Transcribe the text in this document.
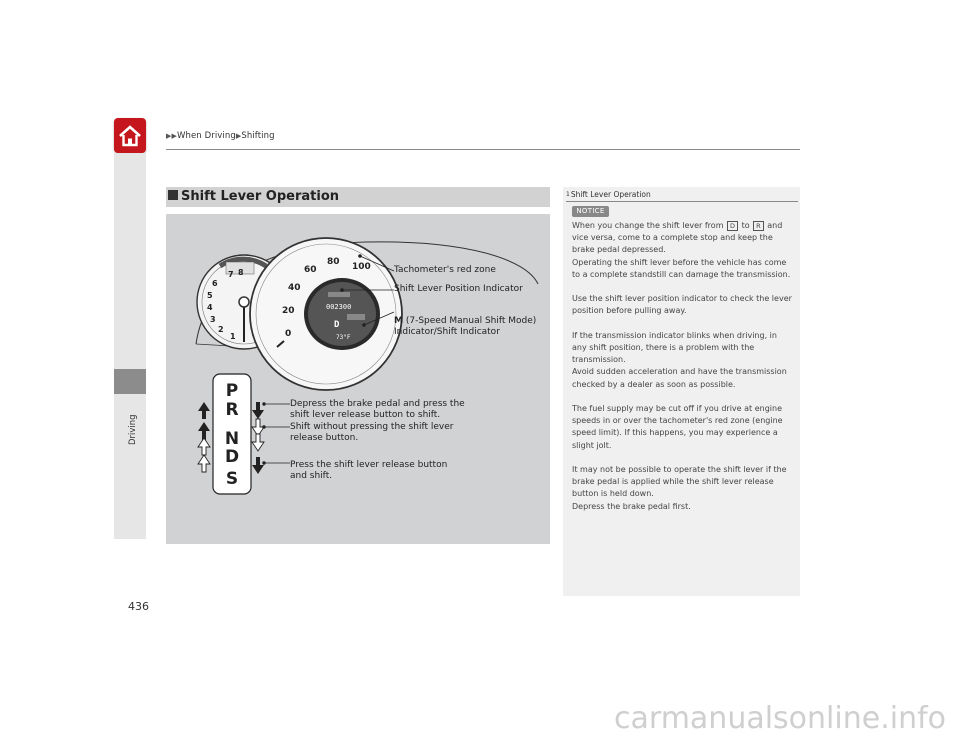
▶▶When Driving▶Shifting
Driving
436
Shift Lever Operation
8
7
6
5
4
3
2
1
100
80
60
40
20
0
002300
D
73°F
P
R
N
D
S
Tachometer's red zone
Shift Lever Position Indicator
M (7-Speed Manual Shift Mode)
Indicator/Shift Indicator
Depress the brake pedal and press the
shift lever release button to shift.
Shift without pressing the shift lever
release button.
Press the shift lever release button
and shift.
1Shift Lever Operation
NOTICE

When you change the shift lever from D to R and vice versa, come to a complete stop and keep the brake pedal depressed.

Operating the shift lever before the vehicle has come to a complete standstill can damage the transmission.

Use the shift lever position indicator to check the lever position before pulling away.

If the transmission indicator blinks when driving, in any shift position, there is a problem with the transmission.
Avoid sudden acceleration and have the transmission checked by a dealer as soon as possible.

The fuel supply may be cut off if you drive at engine speeds in or over the tachometer's red zone (engine speed limit). If this happens, you may experience a slight jolt.

It may not be possible to operate the shift lever if the brake pedal is applied while the shift lever release button is held down.
Depress the brake pedal first.

carmanualsonline.info
